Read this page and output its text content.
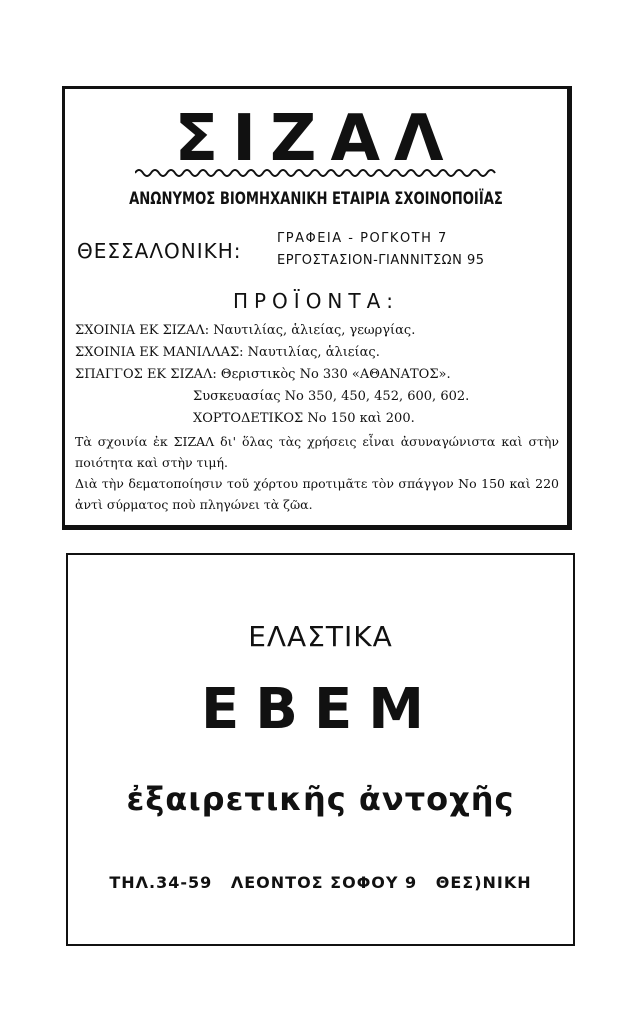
ΣΙΖΑΛ
ΑΝΩΝΥΜΟΣ ΒΙΟΜΗΧΑΝΙΚΗ ΕΤΑΙΡΙΑ ΣΧΟΙΝΟΠΟΙΪΑΣ
ΘΕΣΣΑΛΟΝΙΚΗ:
ΓΡΑΦΕΙΑ - ΡΟΓΚΟΤΗ 7
ΕΡΓΟΣΤΑΣΙΟΝ-ΓΙΑΝΝΙΤΣΩΝ 95
ΠΡΟΪΟΝΤΑ:
ΣΧΟΙΝΙΑ ΕΚ ΣΙΖΑΛ: Ναυτιλίας, ἁλιείας, γεωργίας.
ΣΧΟΙΝΙΑ ΕΚ ΜΑΝΙΛΛΑΣ: Ναυτιλίας, ἁλιείας.
ΣΠΑΓΓΟΣ ΕΚ ΣΙΖΑΛ: Θεριστικὸς Νο 330 «ΑΘΑΝΑΤΟΣ».
Συσκευασίας Νο 350, 450, 452, 600, 602.
ΧΟΡΤΟΔΕΤΙΚΟΣ Νο 150 καὶ 200.
Τὰ σχοινία ἐκ ΣΙΖΑΛ δι' ὅλας τὰς χρήσεις εἶναι ἀσυναγώνιστα καὶ στὴν ποιότητα καὶ στὴν τιμή.
Διὰ τὴν δεματοποίησιν τοῦ χόρτου προτιμᾶτε τὸν σπάγγον Νο 150 καὶ 220 ἀντὶ σύρματος ποὺ πληγώνει τὰ ζῶα.
ΕΛΑΣΤΙΚΑ
ΕΒΕΜ
ἐξαιρετικῆς ἀντοχῆς
ΤΗΛ.34-59 ΛΕΟΝΤΟΣ ΣΟΦΟΥ 9 ΘΕΣ)ΝΙΚΗ
